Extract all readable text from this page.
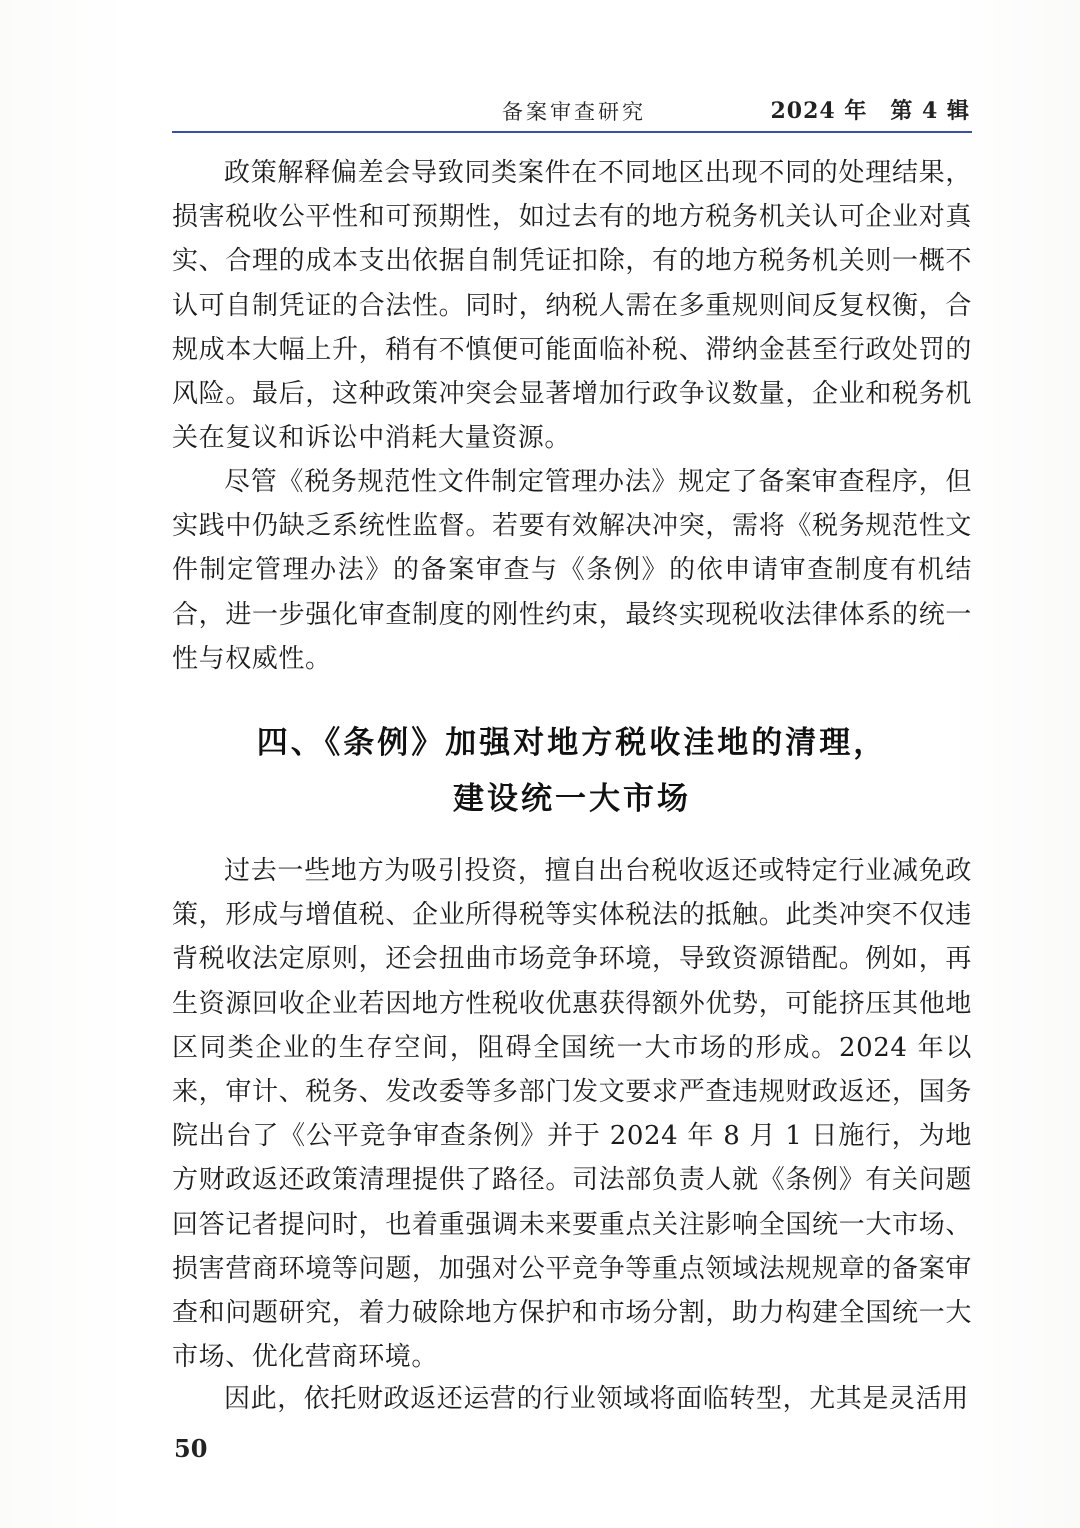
备案审查研究	2024 年　第 4 辑

政策解释偏差会导致同类案件在不同地区出现不同的处理结果，损害税收公平性和可预期性，如过去有的地方税务机关认可企业对真实、合理的成本支出依据自制凭证扣除，有的地方税务机关则一概不认可自制凭证的合法性。同时，纳税人需在多重规则间反复权衡，合规成本大幅上升，稍有不慎便可能面临补税、滞纳金甚至行政处罚的风险。最后，这种政策冲突会显著增加行政争议数量，企业和税务机关在复议和诉讼中消耗大量资源。

尽管《税务规范性文件制定管理办法》规定了备案审查程序，但实践中仍缺乏系统性监督。若要有效解决冲突，需将《税务规范性文件制定管理办法》的备案审查与《条例》的依申请审查制度有机结合，进一步强化审查制度的刚性约束，最终实现税收法律体系的统一性与权威性。

四、《条例》加强对地方税收洼地的清理，
建设统一大市场

过去一些地方为吸引投资，擅自出台税收返还或特定行业减免政策，形成与增值税、企业所得税等实体税法的抵触。此类冲突不仅违背税收法定原则，还会扭曲市场竞争环境，导致资源错配。例如，再生资源回收企业若因地方性税收优惠获得额外优势，可能挤压其他地区同类企业的生存空间，阻碍全国统一大市场的形成。2024 年以来，审计、税务、发改委等多部门发文要求严查违规财政返还，国务院出台了《公平竞争审查条例》并于 2024 年 8 月 1 日施行，为地方财政返还政策清理提供了路径。司法部负责人就《条例》有关问题回答记者提问时，也着重强调未来要重点关注影响全国统一大市场、损害营商环境等问题，加强对公平竞争等重点领域法规规章的备案审查和问题研究，着力破除地方保护和市场分割，助力构建全国统一大市场、优化营商环境。

因此，依托财政返还运营的行业领域将面临转型，尤其是灵活用

50
